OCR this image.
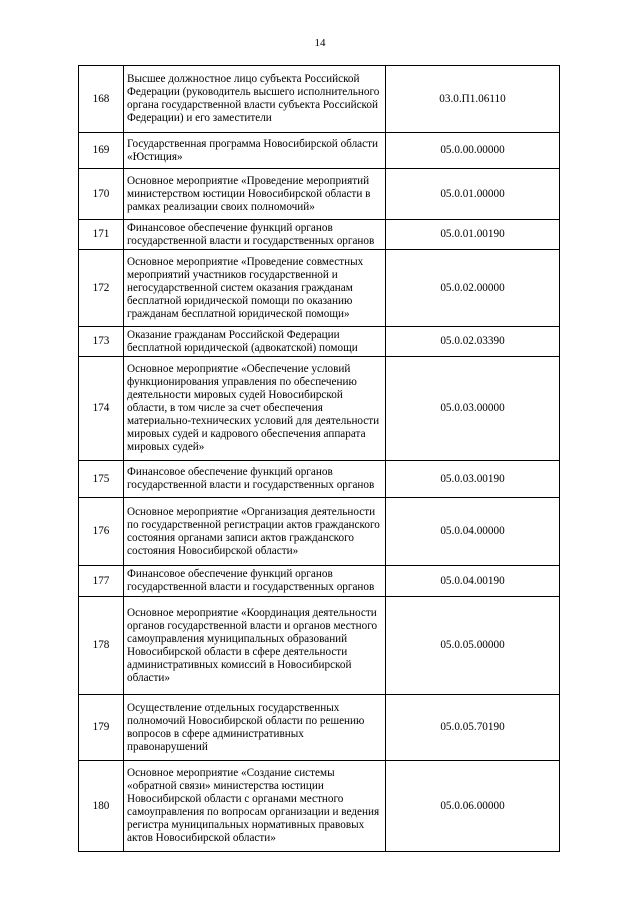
14
168	Высшее должностное лицо субъекта Российской Федерации (руководитель высшего исполнительного органа государственной власти субъекта Российской Федерации) и его заместители	03.0.П1.06110
169	Государственная программа Новосибирской области «Юстиция»	05.0.00.00000
170	Основное мероприятие «Проведение мероприятий министерством юстиции Новосибирской области в рамках реализации своих полномочий»	05.0.01.00000
171	Финансовое обеспечение функций органов государственной власти и государственных органов	05.0.01.00190
172	Основное мероприятие «Проведение совместных мероприятий участников государственной и негосударственной систем оказания гражданам бесплатной юридической помощи по оказанию гражданам бесплатной юридической помощи»	05.0.02.00000
173	Оказание гражданам Российской Федерации бесплатной юридической (адвокатской) помощи	05.0.02.03390
174	Основное мероприятие «Обеспечение условий функционирования управления по обеспечению деятельности мировых судей Новосибирской области, в том числе за счет обеспечения материально-технических условий для деятельности мировых судей и кадрового обеспечения аппарата мировых судей»	05.0.03.00000
175	Финансовое обеспечение функций органов государственной власти и государственных органов	05.0.03.00190
176	Основное мероприятие «Организация деятельности по государственной регистрации актов гражданского состояния органами записи актов гражданского состояния Новосибирской области»	05.0.04.00000
177	Финансовое обеспечение функций органов государственной власти и государственных органов	05.0.04.00190
178	Основное мероприятие «Координация деятельности органов государственной власти и органов местного самоуправления муниципальных образований Новосибирской области в сфере деятельности административных комиссий в Новосибирской области»	05.0.05.00000
179	Осуществление отдельных государственных полномочий Новосибирской области по решению вопросов в сфере административных правонарушений	05.0.05.70190
180	Основное мероприятие «Создание системы «обратной связи» министерства юстиции Новосибирской области с органами местного самоуправления по вопросам организации и ведения регистра муниципальных нормативных правовых актов Новосибирской области»	05.0.06.00000
